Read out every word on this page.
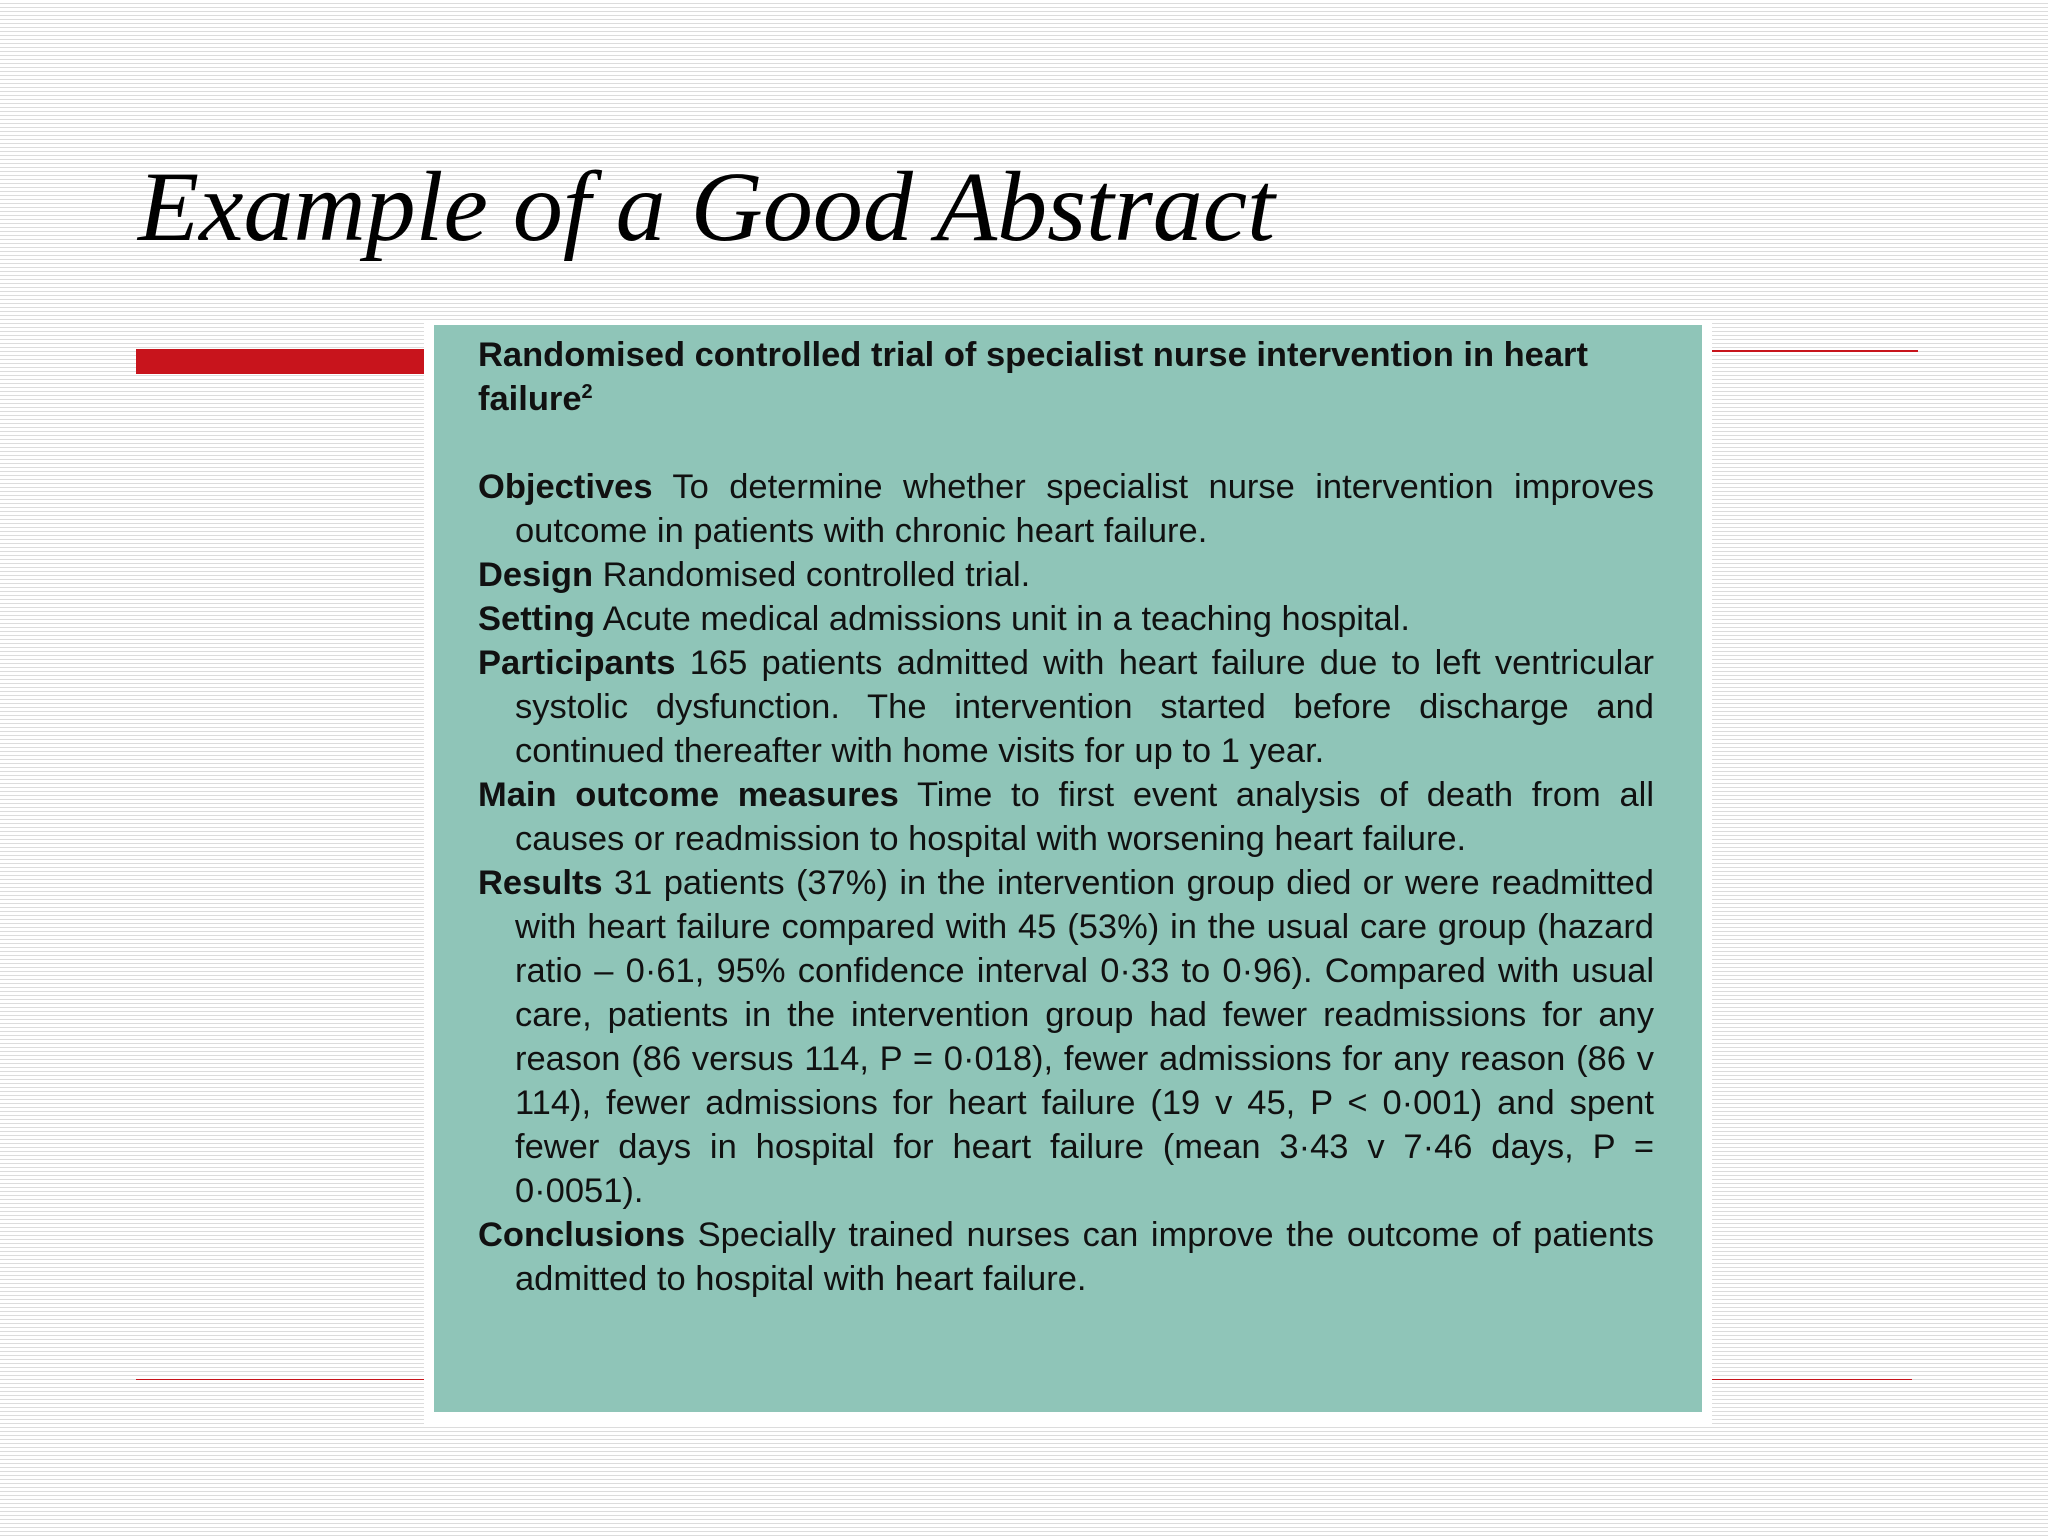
Example of a Good Abstract

Randomised controlled trial of specialist nurse intervention in heart failure$^2$

Objectives To determine whether specialist nurse intervention improves outcome in patients with chronic heart failure.

Design Randomised controlled trial.

Setting Acute medical admissions unit in a teaching hospital.

Participants 165 patients admitted with heart failure due to left ventricular systolic dysfunction. The intervention started before discharge and continued thereafter with home visits for up to 1 year.

Main outcome measures Time to first event analysis of death from all causes or readmission to hospital with worsening heart failure.

Results 31 patients (37%) in the intervention group died or were readmitted with heart failure compared with 45 (53%) in the usual care group (hazard ratio – 0·61, 95% confidence interval 0·33 to 0·96). Compared with usual care, patients in the intervention group had fewer readmissions for any reason (86 versus 114, P = 0·018), fewer admissions for any reason (86 v 114), fewer admissions for heart failure (19 v 45, P < 0·001) and spent fewer days in hospital for heart failure (mean 3·43 v 7·46 days, P = 0·0051).

Conclusions Specially trained nurses can improve the outcome of patients admitted to hospital with heart failure.
